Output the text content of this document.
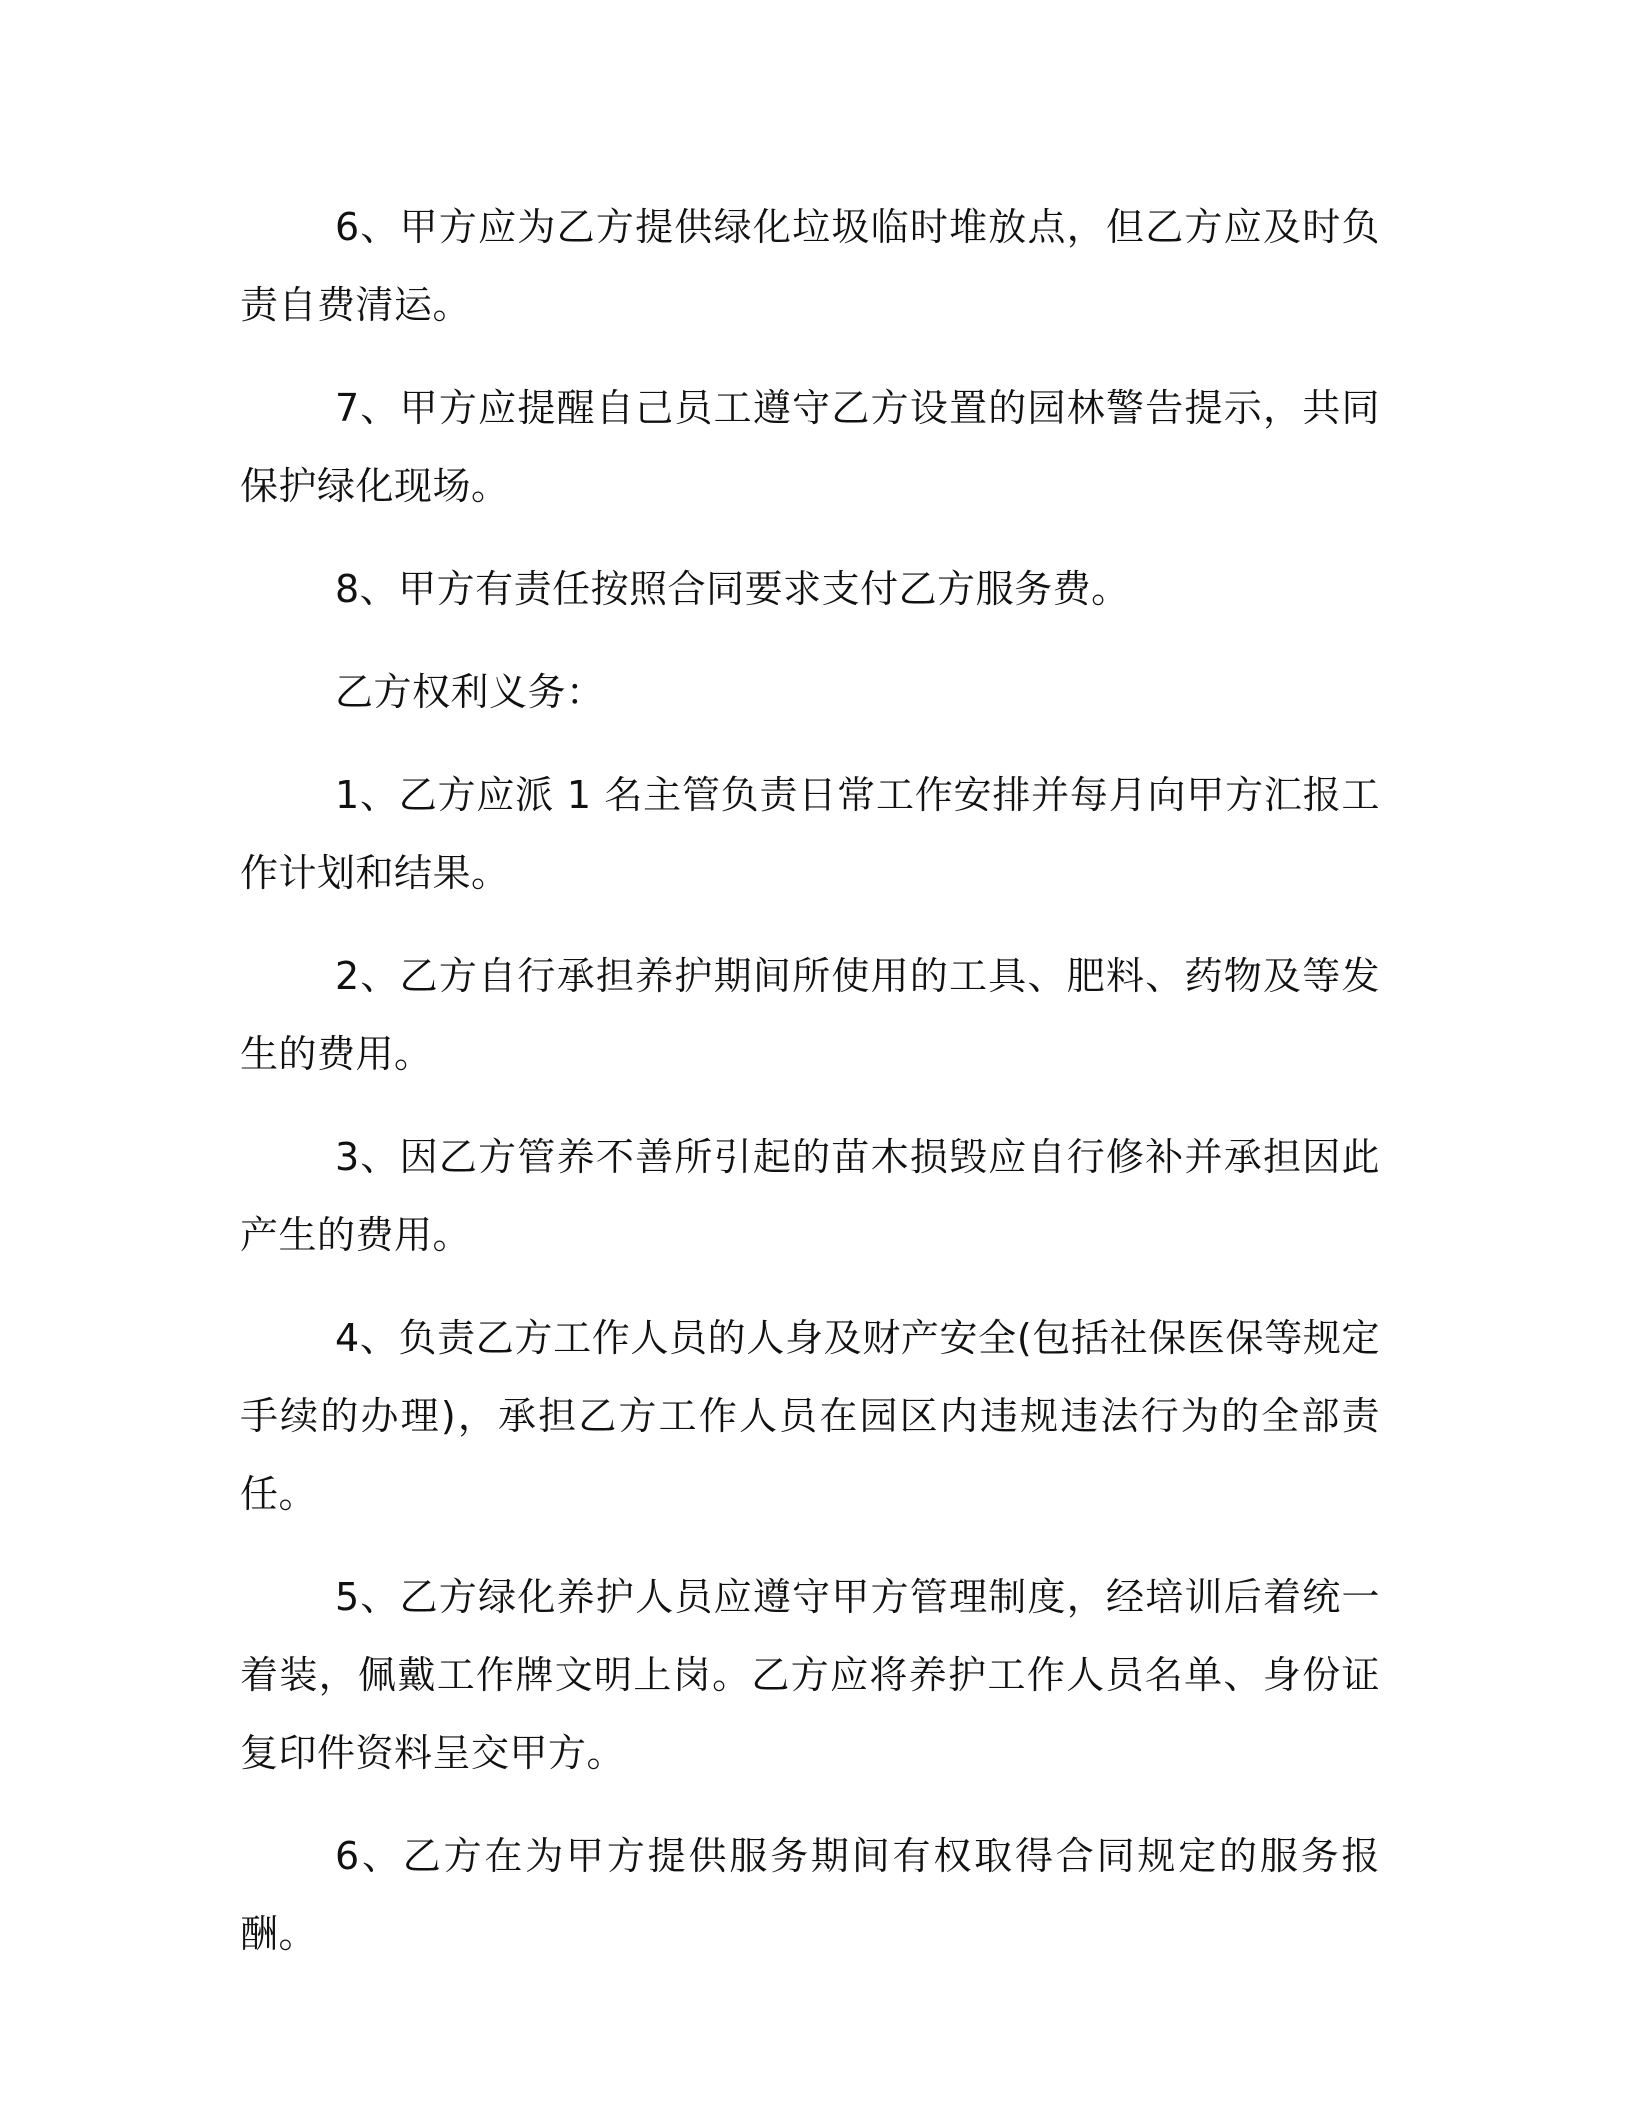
6、甲方应为乙方提供绿化垃圾临时堆放点，但乙方应及时负责自费清运。

7、甲方应提醒自己员工遵守乙方设置的园林警告提示，共同保护绿化现场。

8、甲方有责任按照合同要求支付乙方服务费。

乙方权利义务：

1、乙方应派 1 名主管负责日常工作安排并每月向甲方汇报工作计划和结果。

2、乙方自行承担养护期间所使用的工具、肥料、药物及等发生的费用。

3、因乙方管养不善所引起的苗木损毁应自行修补并承担因此产生的费用。

4、负责乙方工作人员的人身及财产安全(包括社保医保等规定手续的办理)，承担乙方工作人员在园区内违规违法行为的全部责任。

5、乙方绿化养护人员应遵守甲方管理制度，经培训后着统一着装，佩戴工作牌文明上岗。乙方应将养护工作人员名单、身份证复印件资料呈交甲方。

6、乙方在为甲方提供服务期间有权取得合同规定的服务报酬。
